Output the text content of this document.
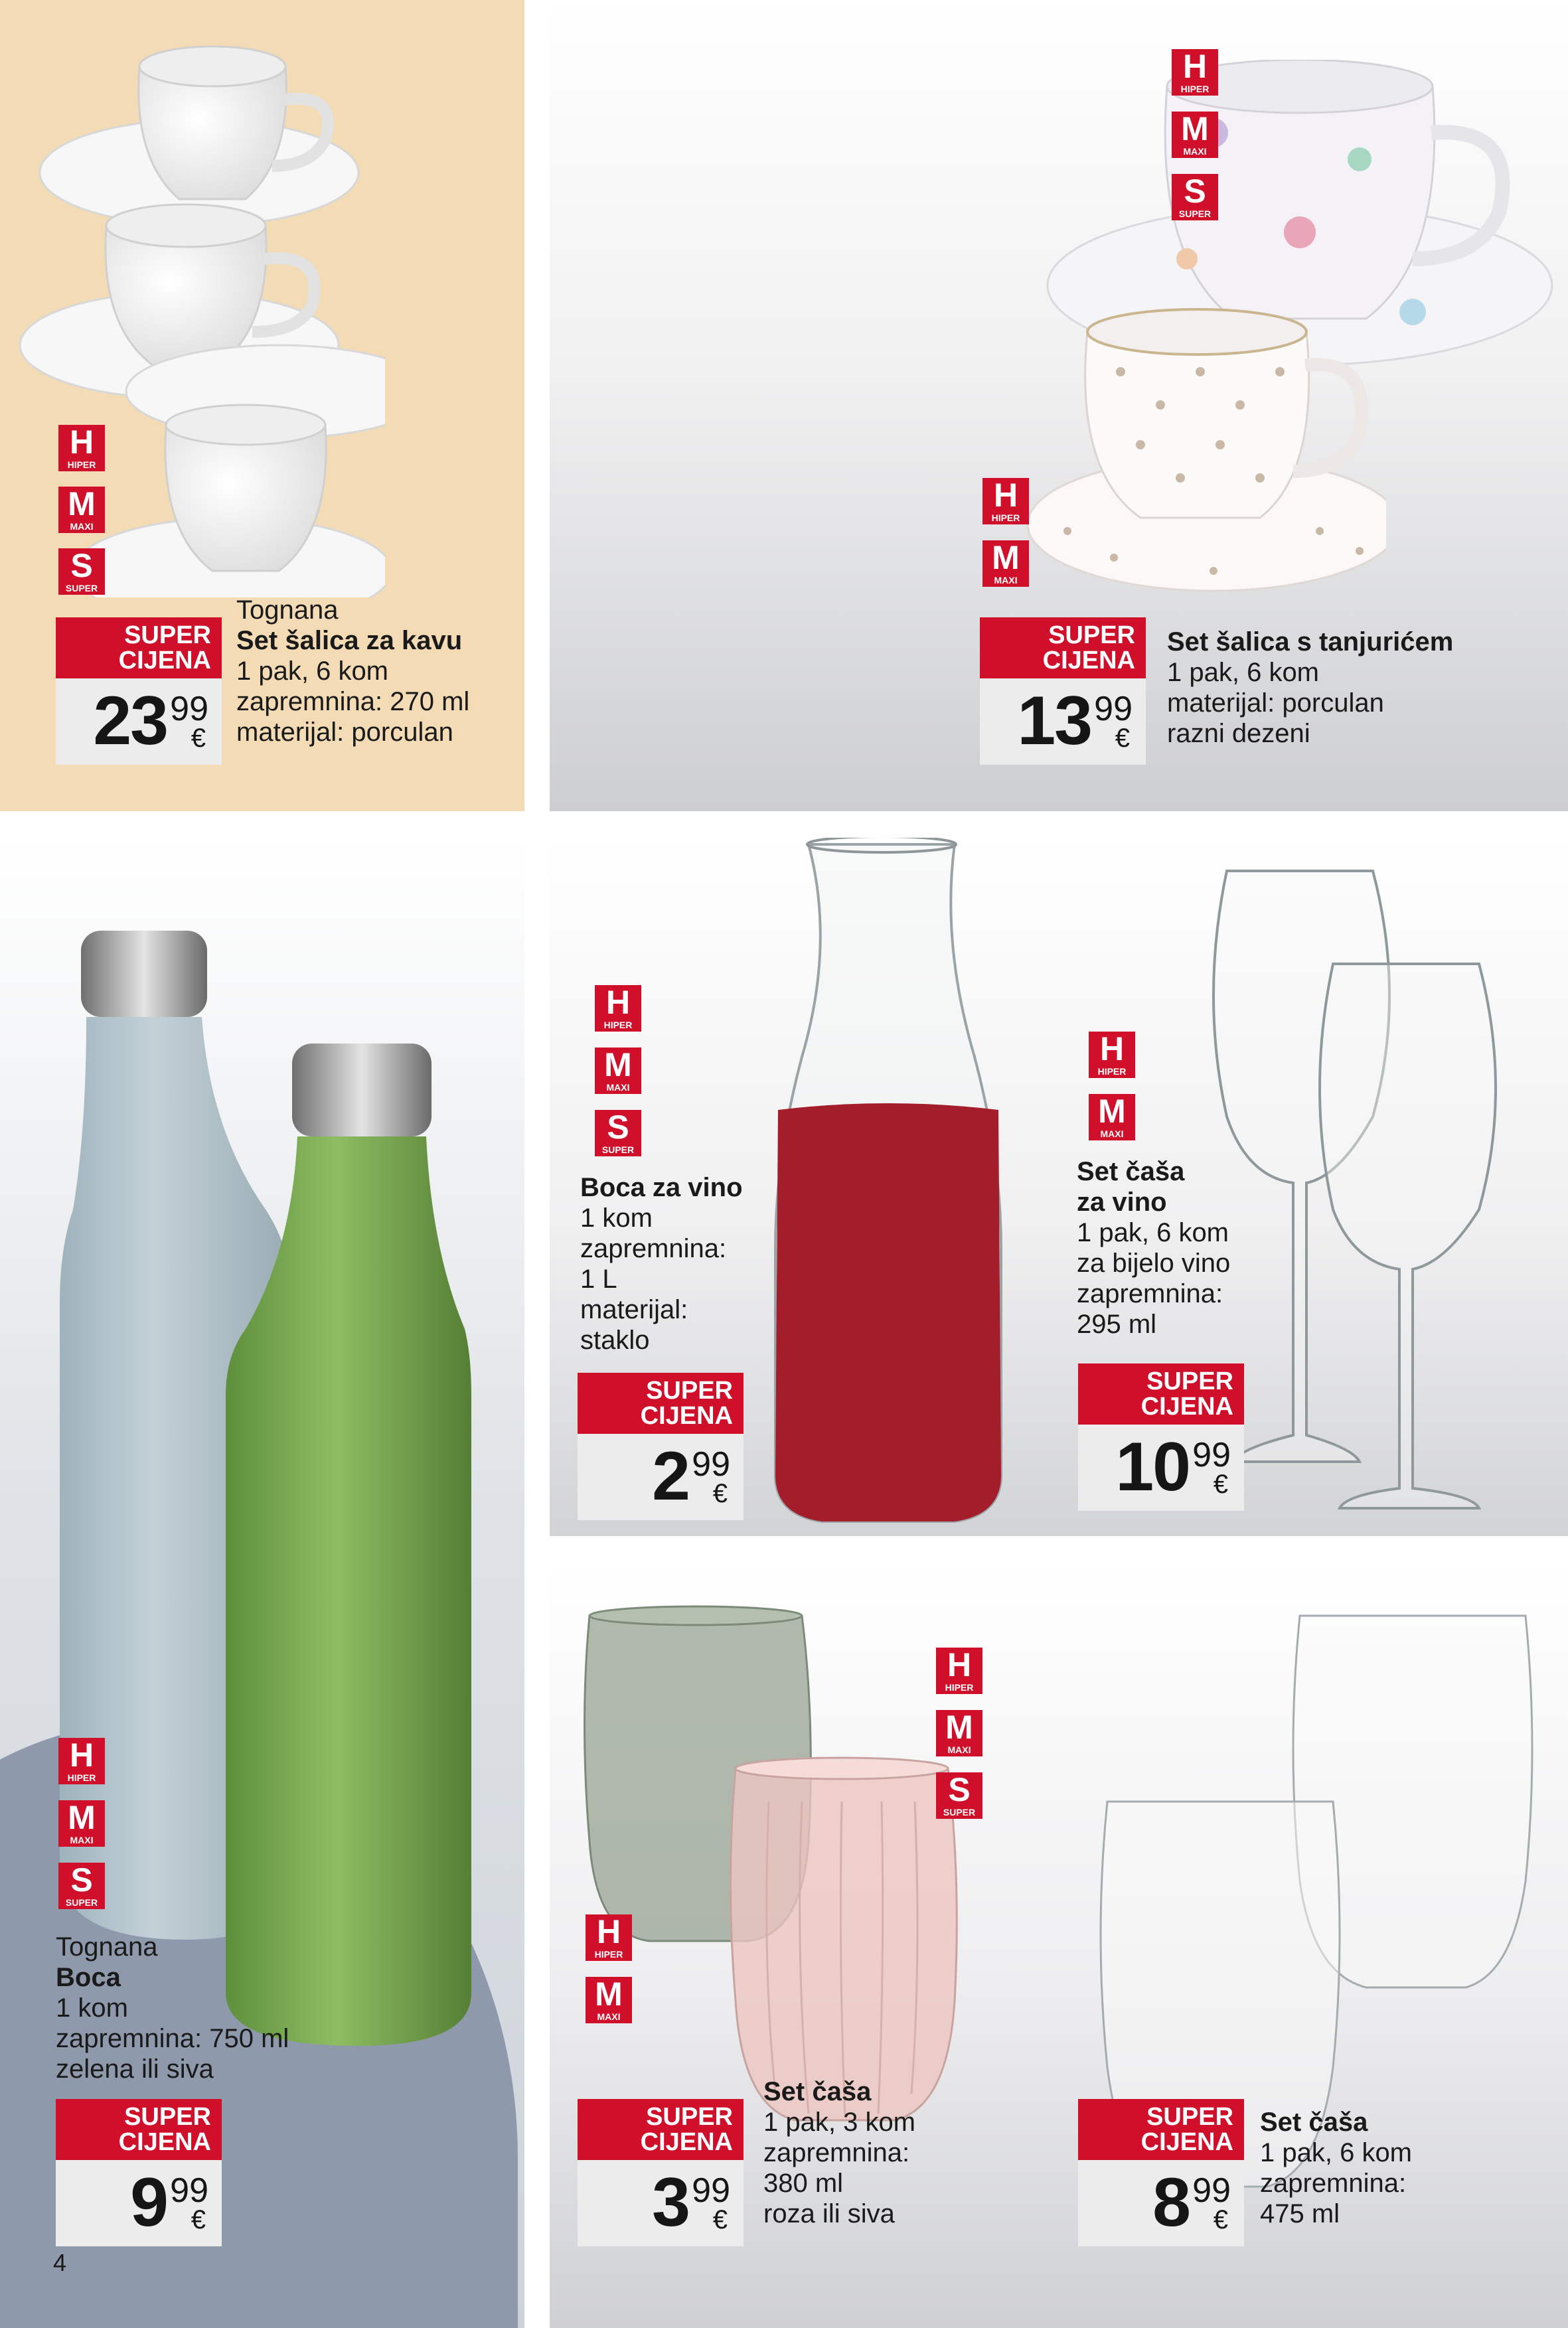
H
HIPER
M
MAXI
S
SUPER
SUPER
CIJENA
23 99
€
Tognana
Set šalica za kavu
1 pak, 6 kom
zapremnina: 270 ml
materijal: porculan
H
HIPER
M
MAXI
S
SUPER
H
HIPER
M
MAXI
SUPER
CIJENA
13 99
€
Set šalica s tanjurićem
1 pak, 6 kom
materijal: porculan
razni dezeni
H
HIPER
M
MAXI
S
SUPER
Tognana
Boca
1 kom
zapremnina: 750 ml
zelena ili siva
SUPER
CIJENA
9 99
€
H
HIPER
M
MAXI
S
SUPER
Boca za vino
1 kom
zapremnina:
1 L
materijal:
staklo
SUPER
CIJENA
2 99
€
H
HIPER
M
MAXI
Set čaša
za vino
1 pak, 6 kom
za bijelo vino
zapremnina:
295 ml
SUPER
CIJENA
10 99
€
H
HIPER
M
MAXI
S
SUPER
H
HIPER
M
MAXI
SUPER
CIJENA
3 99
€
Set čaša
1 pak, 3 kom
zapremnina:
380 ml
roza ili siva
SUPER
CIJENA
8 99
€
Set čaša
1 pak, 6 kom
zapremnina:
475 ml
4
